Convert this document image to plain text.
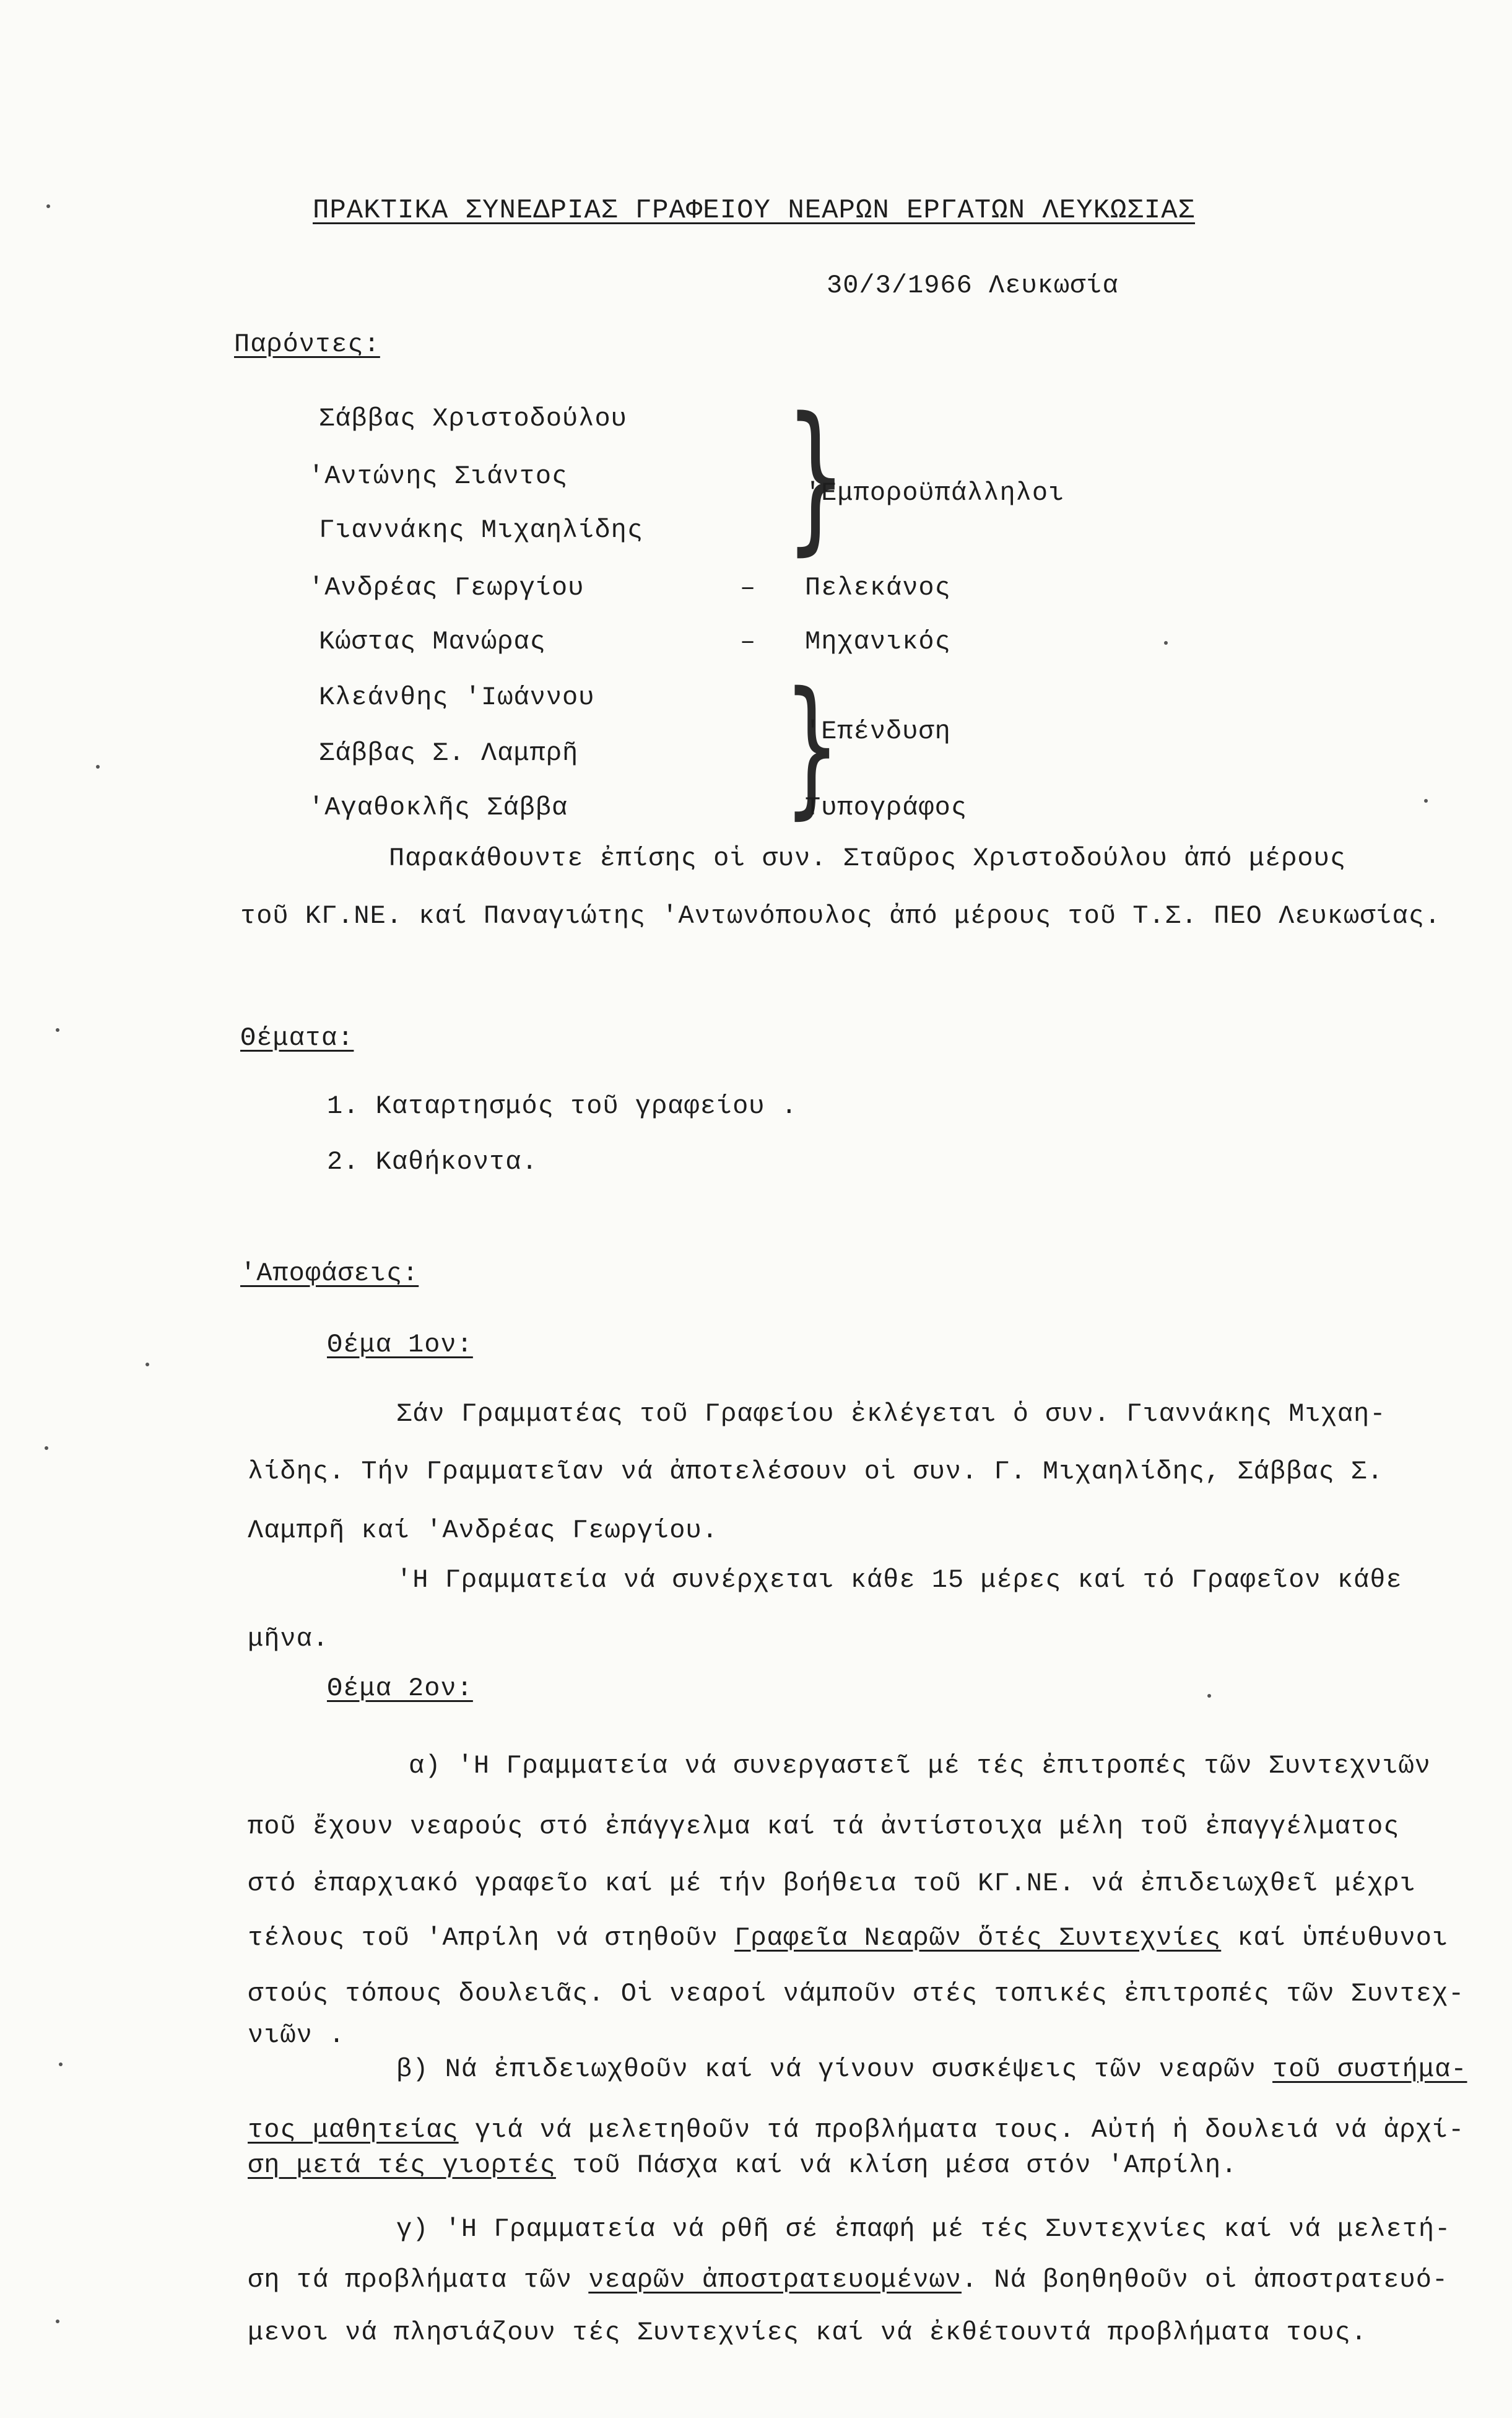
ΠΡΑΚΤΙΚΑ ΣΥΝΕΔΡΙΑΣ ΓΡΑΦΕΙΟΥ ΝΕΑΡΩΝ ΕΡΓΑΤΩΝ ΛΕΥΚΩΣΙΑΣ
30/3/1966 Λευκωσία
Παρόντες:
Σάββας Χριστοδούλου
'Αντώνης Σιάντος
Γιαννάκης Μιχαηλίδης
'Ανδρέας Γεωργίου
Κώστας Μανώρας
Κλεάνθης 'Ιωάννου
Σάββας Σ. Λαμπρῆ
'Αγαθοκλῆς Σάββα
}
'Εμποροϋπάλληλοι
– Πελεκάνος
– Μηχανικός
}
'Επένδυση
Τυπογράφος
Παρακάθουντε ἐπίσης οἱ συν. Σταῦρος Χριστοδούλου ἀπό μέρους
τοῦ ΚΓ.ΝΕ. καί Παναγιώτης 'Αντωνόπουλος ἀπό μέρους τοῦ Τ.Σ. ΠΕΟ Λευκωσίας.
Θέματα:
1. Καταρτησμός τοῦ γραφείου .
2. Καθήκοντα.
'Αποφάσεις:
Θέμα 1ον:
Σάν Γραμματέας τοῦ Γραφείου ἐκλέγεται ὁ συν. Γιαννάκης Μιχαη-
λίδης. Τήν Γραμματεῖαν νά ἀποτελέσουν οἱ συν. Γ. Μιχαηλίδης, Σάββας Σ.
Λαμπρῆ καί 'Ανδρέας Γεωργίου.
'Η Γραμματεία νά συνέρχεται κάθε 15 μέρες καί τό Γραφεῖον κάθε
μῆνα.
Θέμα 2ον:
α) 'Η Γραμματεία νά συνεργαστεῖ μέ τές ἐπιτροπές τῶν Συντεχνιῶν
ποῦ ἔχουν νεαρούς στό ἐπάγγελμα καί τά ἀντίστοιχα μέλη τοῦ ἐπαγγέλματος
στό ἐπαρχιακό γραφεῖο καί μέ τήν βοήθεια τοῦ ΚΓ.ΝΕ. νά ἐπιδειωχθεῖ μέχρι
τέλους τοῦ 'Απρίλη νά στηθοῦν Γραφεῖα Νεαρῶν ὅτές Συντεχνίες καί ὑπέυθυνοι
στούς τόπους δουλειᾶς. Οἱ νεαροί νάμποῦν στές τοπικές ἐπιτροπές τῶν Συντεχ-
νιῶν .
β) Νά ἐπιδειωχθοῦν καί νά γίνουν συσκέψεις τῶν νεαρῶν τοῦ συστήμα-
τος μαθητείας γιά νά μελετηθοῦν τά προβλήματα τους. Αὐτή ἡ δουλειά νά ἀρχί-
ση μετά τές γιορτές τοῦ Πάσχα καί νά κλίση μέσα στόν 'Απρίλη.
γ) 'Η Γραμματεία νά ρθῆ σέ ἐπαφή μέ τές Συντεχνίες καί νά μελετή-
ση τά προβλήματα τῶν νεαρῶν ἀποστρατευομένων. Νά βοηθηθοῦν οἱ ἀποστρατευό-
μενοι νά πλησιάζουν τές Συντεχνίες καί νά ἐκθέτουντά προβλήματα τους.
